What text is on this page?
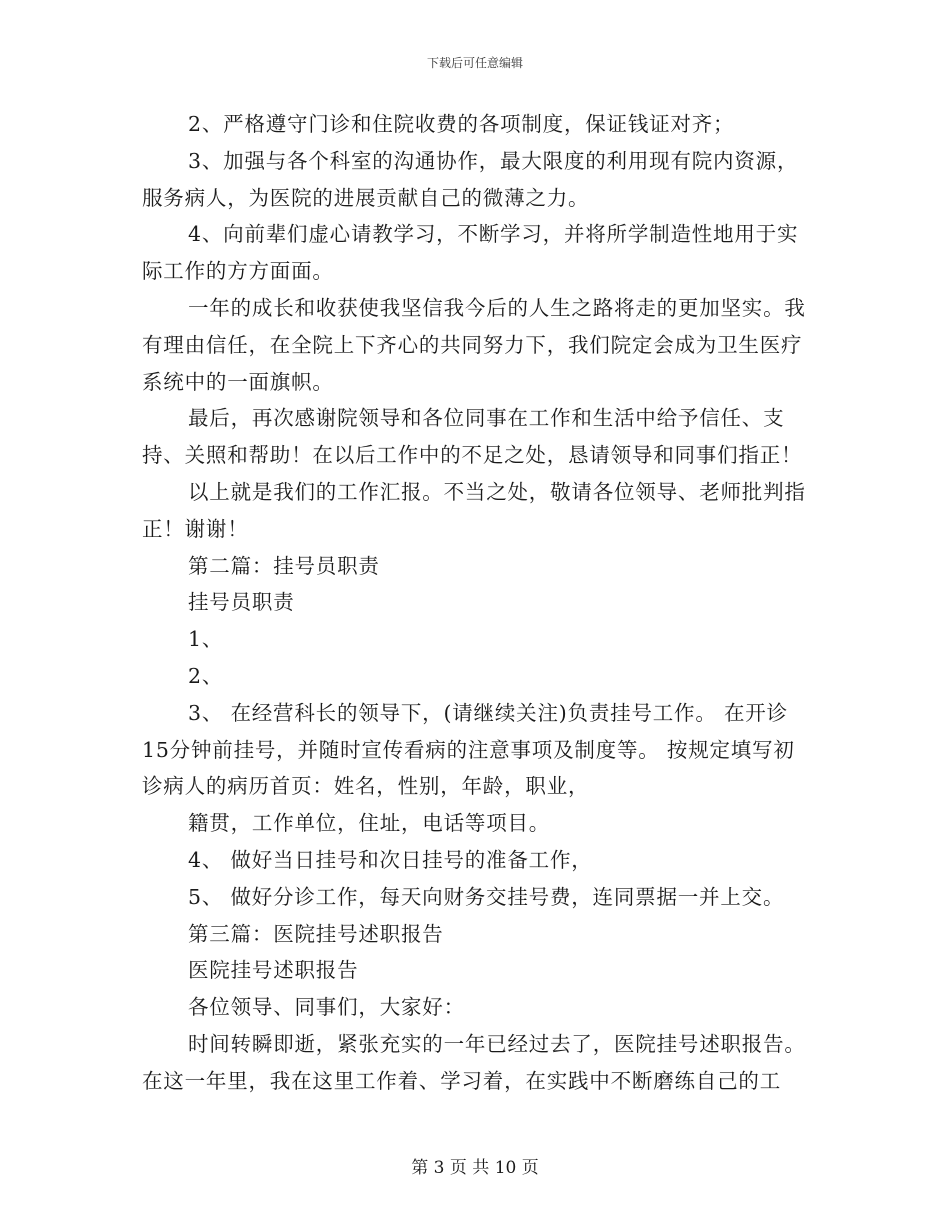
下载后可任意编辑

2、严格遵守门诊和住院收费的各项制度，保证钱证对齐；

3、加强与各个科室的沟通协作，最大限度的利用现有院内资源，服务病人，为医院的进展贡献自己的微薄之力。

4、向前辈们虚心请教学习，不断学习，并将所学制造性地用于实际工作的方方面面。

一年的成长和收获使我坚信我今后的人生之路将走的更加坚实。我有理由信任，在全院上下齐心的共同努力下，我们院定会成为卫生医疗系统中的一面旗帜。

最后，再次感谢院领导和各位同事在工作和生活中给予信任、支持、关照和帮助！在以后工作中的不足之处，恳请领导和同事们指正！

以上就是我们的工作汇报。不当之处，敬请各位领导、老师批判指正！谢谢！

第二篇：挂号员职责

挂号员职责

1、

2、

3、 在经营科长的领导下，(请继续关注)负责挂号工作。 在开诊15分钟前挂号，并随时宣传看病的注意事项及制度等。 按规定填写初诊病人的病历首页：姓名，性别，年龄，职业，

籍贯，工作单位，住址，电话等项目。

4、 做好当日挂号和次日挂号的准备工作，

5、 做好分诊工作，每天向财务交挂号费，连同票据一并上交。

第三篇：医院挂号述职报告

医院挂号述职报告

各位领导、同事们，大家好：

时间转瞬即逝，紧张充实的一年已经过去了，医院挂号述职报告。在这一年里，我在这里工作着、学习着，在实践中不断磨练自己的工

第 3 页 共 10 页
